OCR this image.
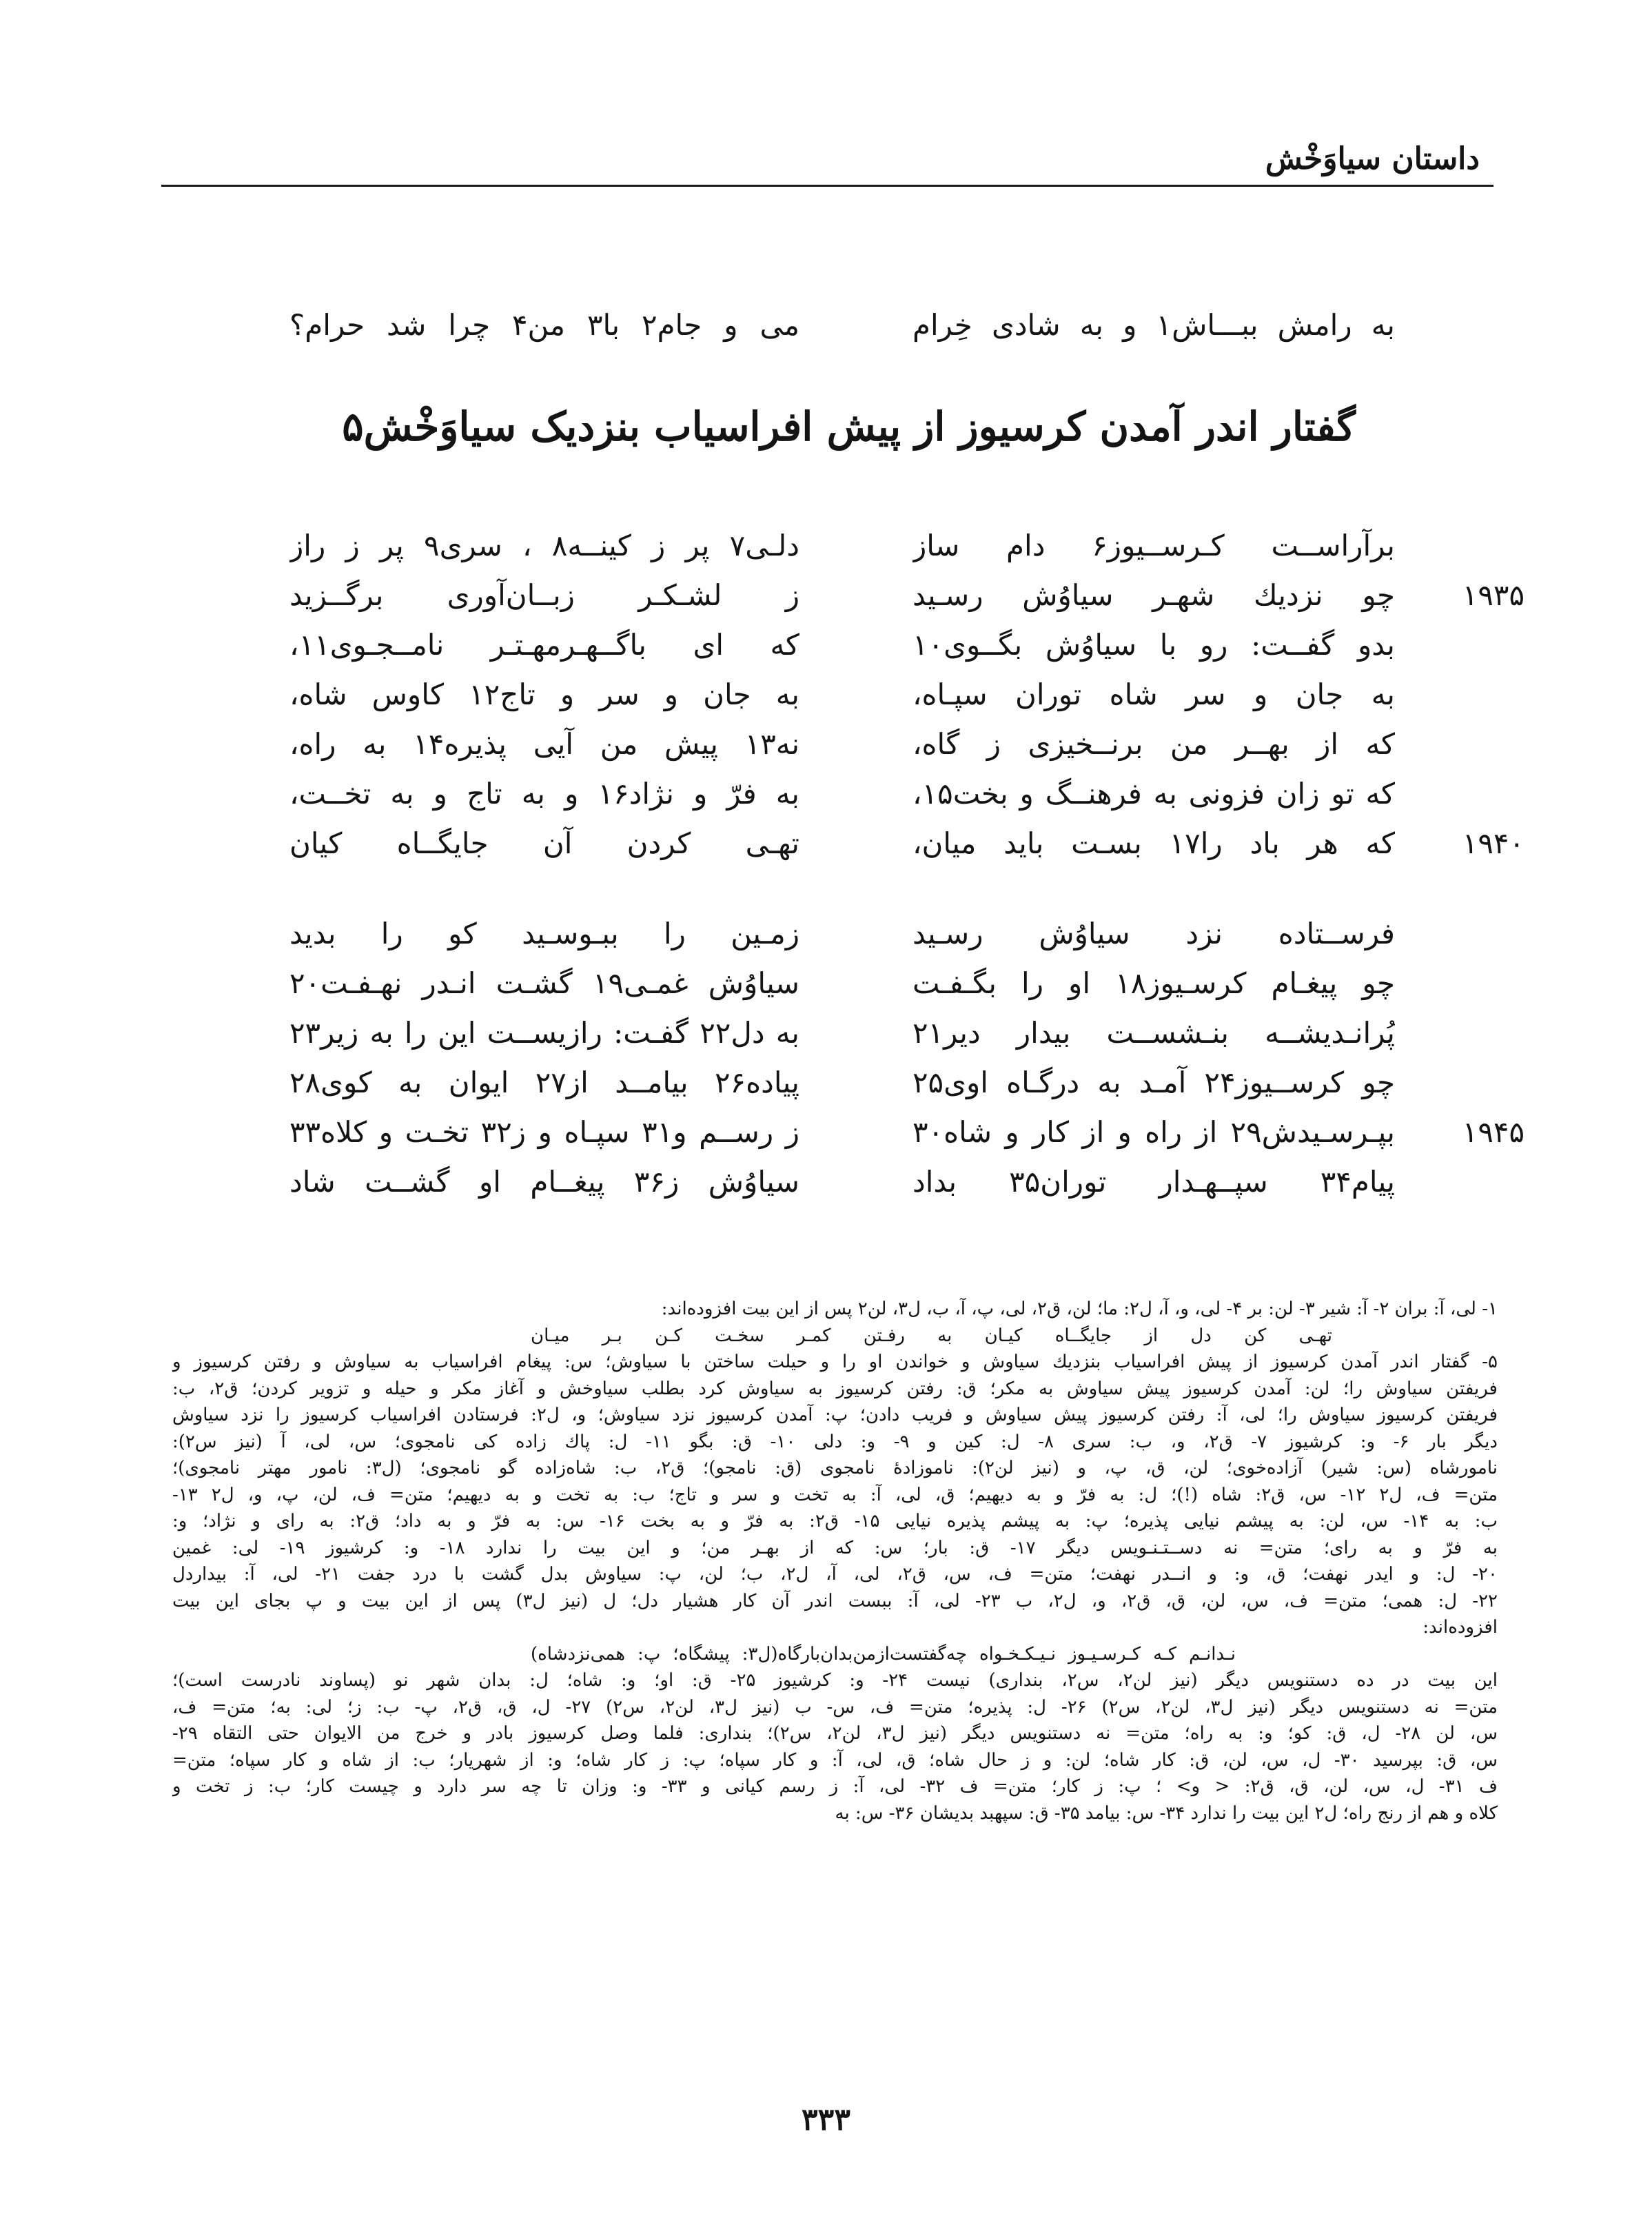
داستان سیاوَخْش
به رامش ببـــاش۱ و به شادی خِرام
می و جام۲ با۳ من۴ چرا شد حرام؟
گفتار اندر آمدن کرسیوز از پیش افراسیاب بنزدیک سیاوَخْش۵
برآراســت کـرســیوز۶ دام ساز
دلـی۷ پر ز کینــه۸ ، سری۹ پر ز راز
۱۹۳۵
چو نزدیك شهـر سیاوُش رسـید
ز لشـکـر زبــان‌آوری برگــزید
بدو گفــت: رو با سیاوُش بگــوی۱۰
که ای باگــهـرمهـتـر نامــجـوی۱۱،
به جان و سر شاه توران سپـاه،
به جان و سر و تاج۱۲ کاوس شاه،
که از بهــر من برنــخیزی ز گاه،
نه۱۳ پیش من آیی پذیره۱۴ به راه،
که تو زان فزونی به فرهنــگ و بخت۱۵،
به فرّ و نژاد۱۶ و به تاج و به تخــت،
۱۹۴۰
که هر باد را۱۷ بسـت باید میان،
تهـی کردن آن جایگــاه کیان
فرســتاده نزد سیاوُش رسـید
زمـین را ببـوسـید کو را بدید
چو پیغـام کرسـیوز۱۸ او را بگـفـت
سیاوُش غمـی۱۹ گشـت انـدر نهـفـت۲۰
پُرانـدیشــه بنـشســت بیدار دیر۲۱
به دل۲۲ گفـت: رازیســت این را به زیر۲۳
چو کرســیوز۲۴ آمـد به درگـاه اوی۲۵
پیاده۲۶ بیامــد از۲۷ ایوان به کوی۲۸
۱۹۴۵
بپـرسـیدش۲۹ از راه و از کار و شاه۳۰
ز رســم و۳۱ سپـاه و ز۳۲ تخـت و کلاه۳۳
پیام۳۴ سپــهـدار توران۳۵ بداد
سیاوُش ز۳۶ پیغــام او گشــت شاد
۱- لی، آ: بران ۲- آ: شیر ۳- لن: بر ۴- لی، و، آ، ل۲: ما؛ لن، ق۲، لی، پ، آ، ب، ل۳، لن۲ پس از این بیت افزوده‌اند:
تهـی کن دل از جایگــاه کیـان به رفـتن کمـر سخـت کـن بـر میـان
۵- گفتار اندر آمدن کرسیوز از پیش افراسیاب بنزدیك سیاوش و خواندن او را و حیلت ساختن با سیاوش؛ س: پیغام افراسیاب به سیاوش و رفتن کرسیوز و
فریفتن سیاوش را؛ لن: آمدن کرسیوز پیش سیاوش به مکر؛ ق: رفتن کرسیوز به سیاوش کرد بطلب سیاوخش و آغاز مکر و حیله و تزویر کردن؛ ق۲، ب:
فریفتن کرسیوز سیاوش را؛ لی، آ: رفتن کرسیوز پیش سیاوش و فریب دادن؛ پ: آمدن کرسیوز نزد سیاوش؛ و، ل۲: فرستادن افراسیاب کرسیوز را نزد سیاوش
دیگر بار ۶- و: کرشیوز ۷- ق۲، و، ب: سری ۸- ل: کین و ۹- و: دلی ۱۰- ق: بگو ۱۱- ل: پاك زاده کی نامجوی؛ س، لی، آ (نیز س۲):
نامورشاه (س: شیر) آزاده‌خوی؛ لن، ق، پ، و (نیز لن۲): ناموزادهٔ نامجوی (ق: نامجو)؛ ق۲، ب: شاه‌زاده گو نامجوی؛ (ل۳: نامور مهتر نامجوی)؛
متن= ف، ل۲ ۱۲- س، ق۲: شاه (!)؛ ل: به فرّ و به دیهیم؛ ق، لی، آ: به تخت و سر و تاج؛ ب: به تخت و به دیهیم؛ متن= ف، لن، پ، و، ل۲ ۱۳-
ب: به ۱۴- س، لن: به پیشم نیایی پذیره؛ پ: به پیشم پذیره نیایی ۱۵- ق۲: به فرّ و به بخت ۱۶- س: به فرّ و به داد؛ ق۲: به رای و نژاد؛ و:
به فرّ و به رای؛ متن= نه دســتـنـویس دیگر ۱۷- ق: بار؛ س: که از بهـر من؛ و این بیت را ندارد ۱۸- و: کرشیوز ۱۹- لی: غمین
۲۰- ل: و ایدر نهفت؛ ق، و: و انــدر نهفت؛ متن= ف، س، ق۲، لی، آ، ل۲، ب؛ لن، پ: سیاوش بدل گشت با درد جفت ۲۱- لی، آ: بیداردل
۲۲- ل: همی؛ متن= ف، س، لن، ق، ق۲، و، ل۲، ب ۲۳- لی، آ: ببست اندر آن کار هشیار دل؛ ل (نیز ل۳) پس از این بیت و پ بجای این بیت
افزوده‌اند:
نـدانـم کـه کـرسـیـوز نـیـکـخـواه چه‌گفتست‌ازمن‌بدان‌بارگاه(ل۳: پیشگاه؛ پ: همی‌نزدشاه)
این بیت در ده دستنویس دیگر (نیز لن۲، س۲، بنداری) نیست ۲۴- و: کرشیوز ۲۵- ق: او؛ و: شاه؛ ل: بدان شهر نو (پساوند نادرست است)؛
متن= نه دستنویس دیگر (نیز ل۳، لن۲، س۲) ۲۶- ل: پذیره؛ متن= ف، س- ب (نیز ل۳، لن۲، س۲) ۲۷- ل، ق، ق۲، پ- ب: ز؛ لی: به؛ متن= ف،
س، لن ۲۸- ل، ق: کو؛ و: به راه؛ متن= نه دستنویس دیگر (نیز ل۳، لن۲، س۲)؛ بنداری: فلما وصل کرسیوز بادر و خرج من الایوان حتی التقاه ۲۹-
س، ق: بپرسید ۳۰- ل، س، لن، ق: کار شاه؛ لن: و ز حال شاه؛ ق، لی، آ: و کار سپاه؛ پ: ز کار شاه؛ و: از شهریار؛ ب: از شاه و کار سپاه؛ متن=
ف ۳۱- ل، س، لن، ق، ق۲: < و> ؛ پ: ز کار؛ متن= ف ۳۲- لی، آ: ز رسم کیانی و ۳۳- و: وزان تا چه سر دارد و چیست کار؛ ب: ز تخت و
کلاه و هم از رنج راه؛ ل۲ این بیت را ندارد ۳۴- س: بیامد ۳۵- ق: سپهبد بدیشان ۳۶- س: به
۳۳۳
